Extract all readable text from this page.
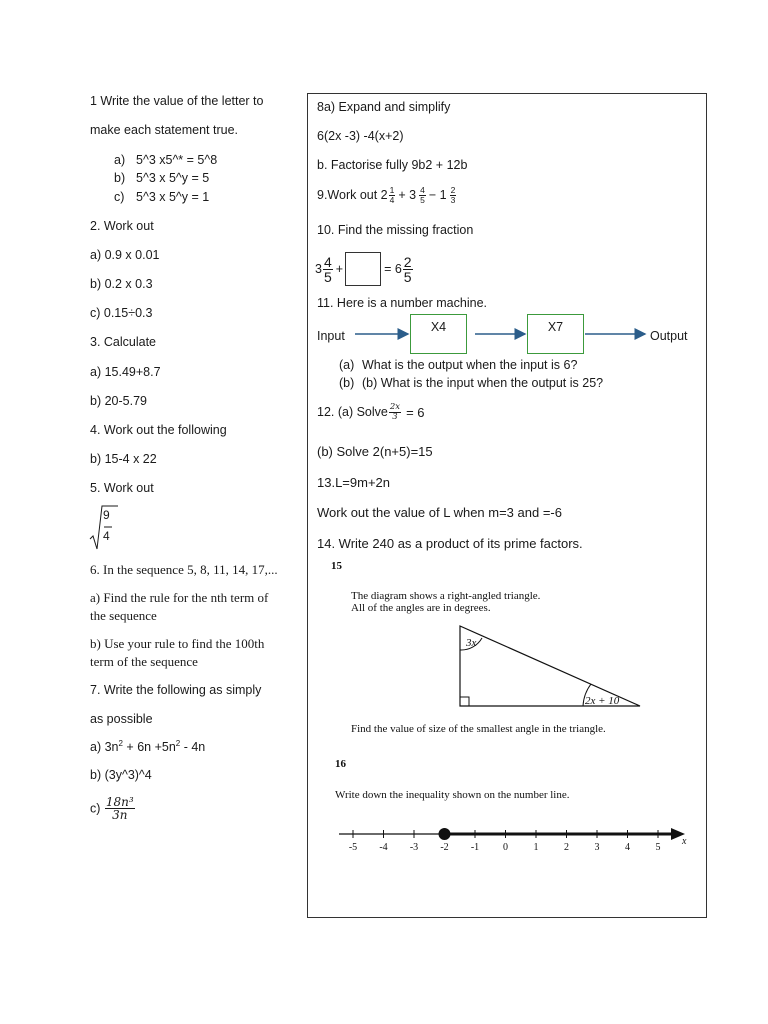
1 Write the value of the letter to
make each statement true.
a) 5^3 x5^* = 5^8
b) 5^3 x 5^y = 5
c) 5^3 x 5^y = 1
2. Work out
a) 0.9 x 0.01
b) 0.2 x 0.3
c) 0.15÷0.3
3. Calculate
a) 15.49+8.7
b) 20-5.79
4. Work out the following
b) 15-4 x 22
5. Work out
9
4
6. In the sequence 5, 8, 11, 14, 17,...
a) Find the rule for the nth term of
the sequence
b) Use your rule to find the 100th
term of the sequence
7. Write the following as simply
as possible
a) $3n^2 + 6n +5n^2 - 4n$
b) (3y^3)^4
$c) \frac{\text{18n³}}{3n}$
8a) Expand and simplify
6(2x -3) -4(x+2)
b. Factorise fully 9b2 + 12b
9.Work out $2 \frac{1}{4} + 3 \frac{4}{5} - 1 \frac{2}{3}$
10. Find the missing fraction
$3 \frac{4}{5}$ +	= $6 \frac{2}{5}$
11. Here is a number machine.
Input
X4	X7
Output
(a) What is the output when the input is 6?
(b) (b) What is the input when the output is 25?
12. (a) Solve $\frac{2x}{3} = 6$
(b) Solve 2(n+5)=15
13.L=9m+2n
Work out the value of L when m=3 and =-6
14. Write 240 as a product of its prime factors.
15
The diagram shows a right-angled triangle.
All of the angles are in degrees.
3x
2x + 10
Find the value of size of the smallest angle in the triangle.
16
Write down the inequality shown on the number line.
-5 -4 -3 -2 -1 0	1	2	3	4	5
x
